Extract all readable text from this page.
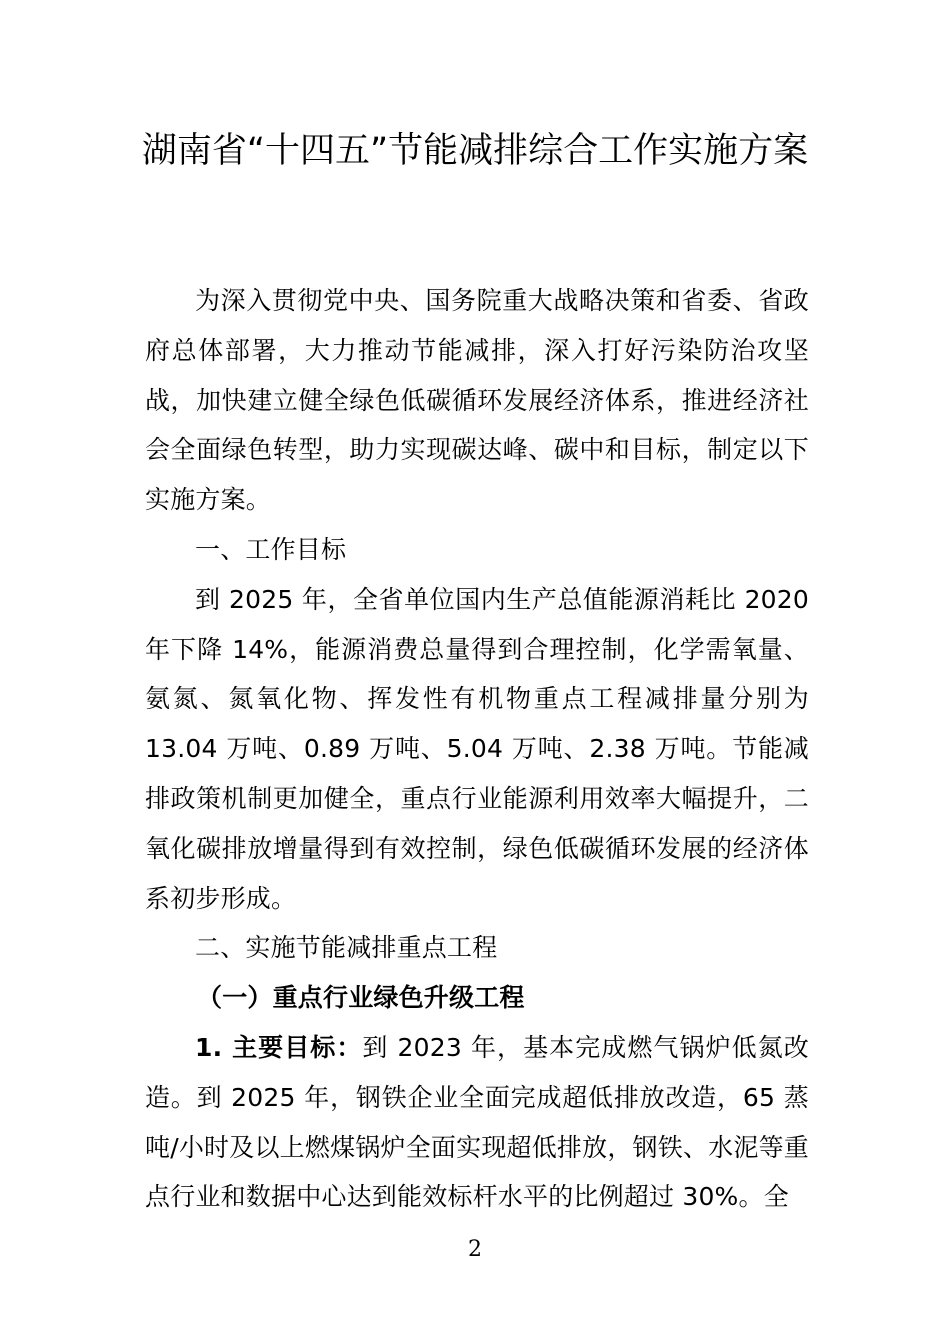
湖南省“十四五”节能减排综合工作实施方案

为深入贯彻党中央、国务院重大战略决策和省委、省政府总体部署，大力推动节能减排，深入打好污染防治攻坚战，加快建立健全绿色低碳循环发展经济体系，推进经济社会全面绿色转型，助力实现碳达峰、碳中和目标，制定以下实施方案。

一、工作目标

到 2025 年，全省单位国内生产总值能源消耗比 2020 年下降 14%，能源消费总量得到合理控制，化学需氧量、氨氮、氮氧化物、挥发性有机物重点工程减排量分别为 13.04 万吨、0.89 万吨、5.04 万吨、2.38 万吨。节能减排政策机制更加健全，重点行业能源利用效率大幅提升，二氧化碳排放增量得到有效控制，绿色低碳循环发展的经济体系初步形成。

二、实施节能减排重点工程

（一）重点行业绿色升级工程

1. 主要目标：到 2023 年，基本完成燃气锅炉低氮改造。到 2025 年，钢铁企业全面完成超低排放改造，65 蒸吨/小时及以上燃煤锅炉全面实现超低排放，钢铁、水泥等重点行业和数据中心达到能效标杆水平的比例超过 30%。全

2
